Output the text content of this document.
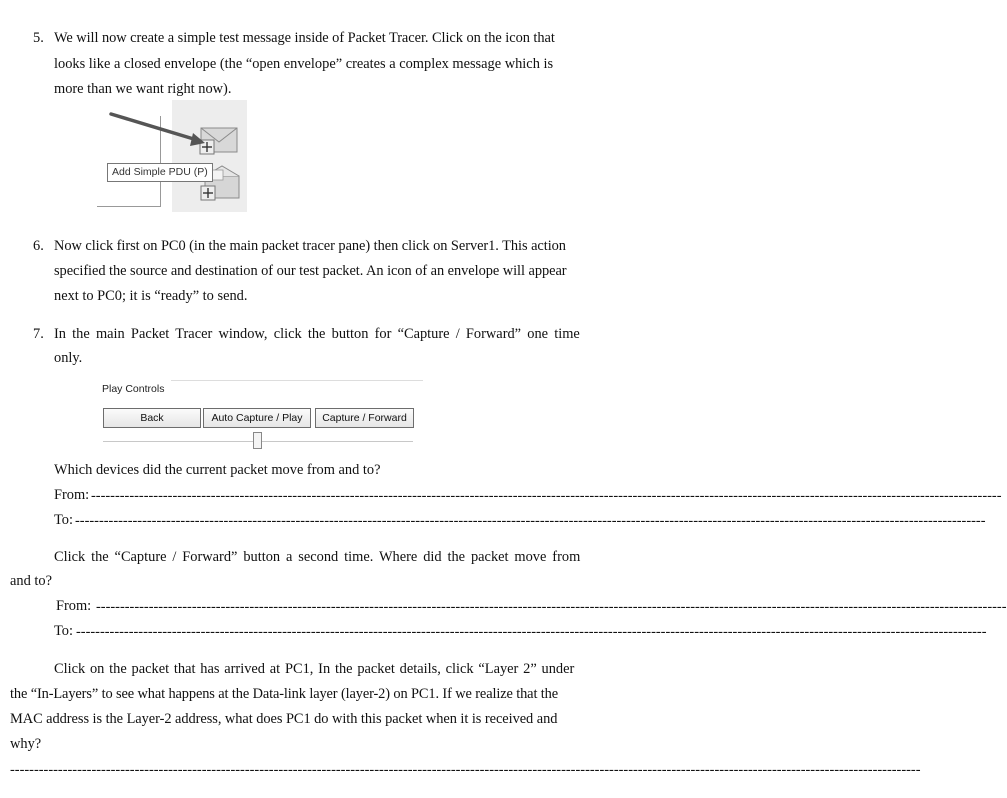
5. We will now create a simple test message inside of Packet Tracer. Click on the icon that
looks like a closed envelope (the “open envelope” creates a complex message which is
more than we want right now).
Add Simple PDU (P)
6. Now click first on PC0 (in the main packet tracer pane) then click on Server1. This action
specified the source and destination of our test packet. An icon of an envelope will appear
next to PC0; it is “ready” to send.
7. In the main Packet Tracer window, click the button for “Capture / Forward” one time
only.
Play Controls
Back	Auto Capture / Play	Capture / Forward
Which devices did the current packet move from and to?
From: ----------------------------------------------------------------------------------------------------------------------------------------------------------------------------------------------
To: ----------------------------------------------------------------------------------------------------------------------------------------------------------------------------------------------
Click the “Capture / Forward” button a second time. Where did the packet move from
and to?
From: ----------------------------------------------------------------------------------------------------------------------------------------------------------------------------------------------
To: ----------------------------------------------------------------------------------------------------------------------------------------------------------------------------------------------
Click on the packet that has arrived at PC1, In the packet details, click “Layer 2” under
the “In-Layers” to see what happens at the Data-link layer (layer-2) on PC1. If we realize that the
MAC address is the Layer-2 address, what does PC1 do with this packet when it is received and
why?
----------------------------------------------------------------------------------------------------------------------------------------------------------------------------------------------
